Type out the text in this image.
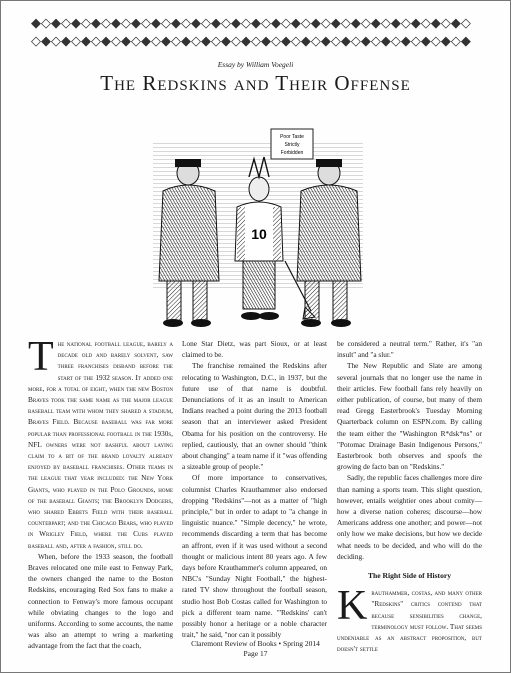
◆◇◆◇◆◇◆◇◆◇◆◇◆◇◆◇◆◇◆◇◆◇◆◇◆◇◆◇◆◇◆◇◆◇◆◇◆◇◆◇◆◇◆◇
◇◆◇◆◇◆◇◆◇◆◇◆◇◆◇◆◇◆◇◆◇◆◇◆◇◆◇◆◇◆◇◆◇◆◇◆◇◆◇◆◇◆◇◆
Essay by William Voegeli
The Redskins and Their Offense
Poor Taste
Strictly
Forbidden
10

The national football league, barely a decade old and barely solvent, saw three franchises disband before the start of the 1932 season. It added one more, for a total of eight, when the new Boston Braves took the same name as the major league baseball team with whom they shared a stadium, Braves Field. Because baseball was far more popular than professional football in the 1930s, NFL owners were not bashful about laying claim to a bit of the brand loyalty already enjoyed by baseball franchises. Other teams in the league that year included: the New York Giants, who played in the Polo Grounds, home of the baseball Giants; the Brooklyn Dodgers, who shared Ebbets Field with their baseball counterpart; and the Chicago Bears, who played in Wrigley Field, where the Cubs played baseball and, after a fashion, still do.

When, before the 1933 season, the football Braves relocated one mile east to Fenway Park, the owners changed the name to the Boston Redskins, encouraging Red Sox fans to make a connection to Fenway's more famous occupant while obviating changes to the logo and uniforms. According to some accounts, the name was also an attempt to wring a marketing advantage from the fact that the coach,

Lone Star Dietz, was part Sioux, or at least claimed to be.

The franchise remained the Redskins after relocating to Washington, D.C., in 1937, but the future use of that name is doubtful. Denunciations of it as an insult to American Indians reached a point during the 2013 football season that an interviewer asked President Obama for his position on the controversy. He replied, cautiously, that an owner should "think about changing" a team name if it "was offending a sizeable group of people."

Of more importance to conservatives, columnist Charles Krauthammer also endorsed dropping "Redskins"—not as a matter of "high principle," but in order to adapt to "a change in linguistic nuance." "Simple decency," he wrote, recommends discarding a term that has become an affront, even if it was used without a second thought or malicious intent 80 years ago. A few days before Krauthammer's column appeared, on NBC's "Sunday Night Football," the highest-rated TV show throughout the football season, studio host Bob Costas called for Washington to pick a different team name. "'Redskins' can't possibly honor a heritage or a noble character trait," he said, "nor can it possibly

be considered a neutral term." Rather, it's "an insult" and "a slur."

The New Republic and Slate are among several journals that no longer use the name in their articles. Few football fans rely heavily on either publication, of course, but many of them read Gregg Easterbrook's Tuesday Morning Quarterback column on ESPN.com. By calling the team either the "Washington R*dsk*ns" or "Potomac Drainage Basin Indigenous Persons," Easterbrook both observes and spoofs the growing de facto ban on "Redskins."

Sadly, the republic faces challenges more dire than naming a sports team. This slight question, however, entails weightier ones about comity—how a diverse nation coheres; discourse—how Americans address one another; and power—not only how we make decisions, but how we decide what needs to be decided, and who will do the deciding.

The Right Side of History

Krauthammer, costas, and many other "Redskins" critics contend that because sensibilities change, terminology must follow. That seems undeniable as an abstract proposition, but doesn't settle

Claremont Review of Books • Spring 2014
Page 17
